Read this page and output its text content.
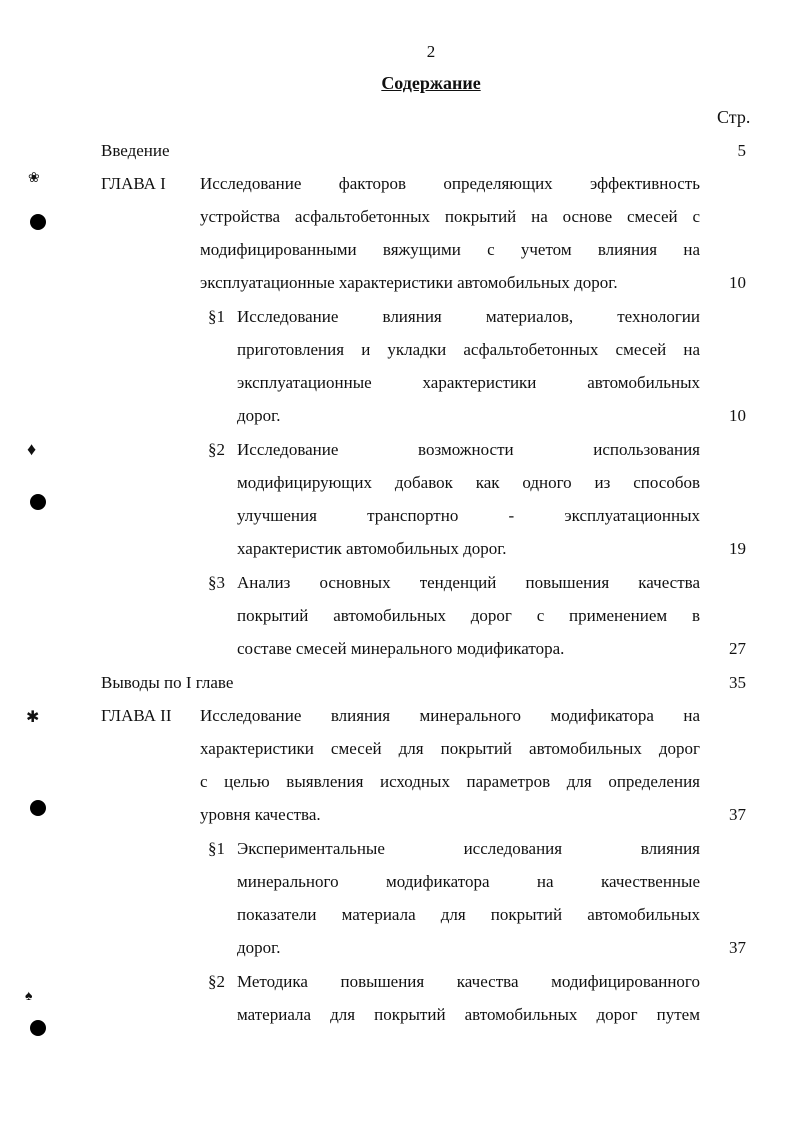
2
Содержание
Стр.
❀
♦
✱
♠
Введение	5
ГЛАВА I Исследование факторов определяющих эффективность
устройства асфальтобетонных покрытий на основе смесей с
модифицированными вяжущими с учетом влияния на
эксплуатационные характеристики автомобильных дорог.	10
§1 Исследование влияния материалов, технологии
приготовления и укладки асфальтобетонных смесей на
эксплуатационные характеристики автомобильных
дорог.	10
§2 Исследование возможности использования
модифицирующих добавок как одного из способов
улучшения транспортно - эксплуатационных
характеристик автомобильных дорог.	19
§3 Анализ основных тенденций повышения качества
покрытий автомобильных дорог с применением в
составе смесей минерального модификатора.	27
Выводы по I главе	35
ГЛАВА II Исследование влияния минерального модификатора на
характеристики смесей для покрытий автомобильных дорог
с целью выявления исходных параметров для определения
уровня качества.	37
§1 Экспериментальные исследования влияния
минерального модификатора на качественные
показатели материала для покрытий автомобильных
дорог.	37
§2 Методика повышения качества модифицированного
материала для покрытий автомобильных дорог путем
